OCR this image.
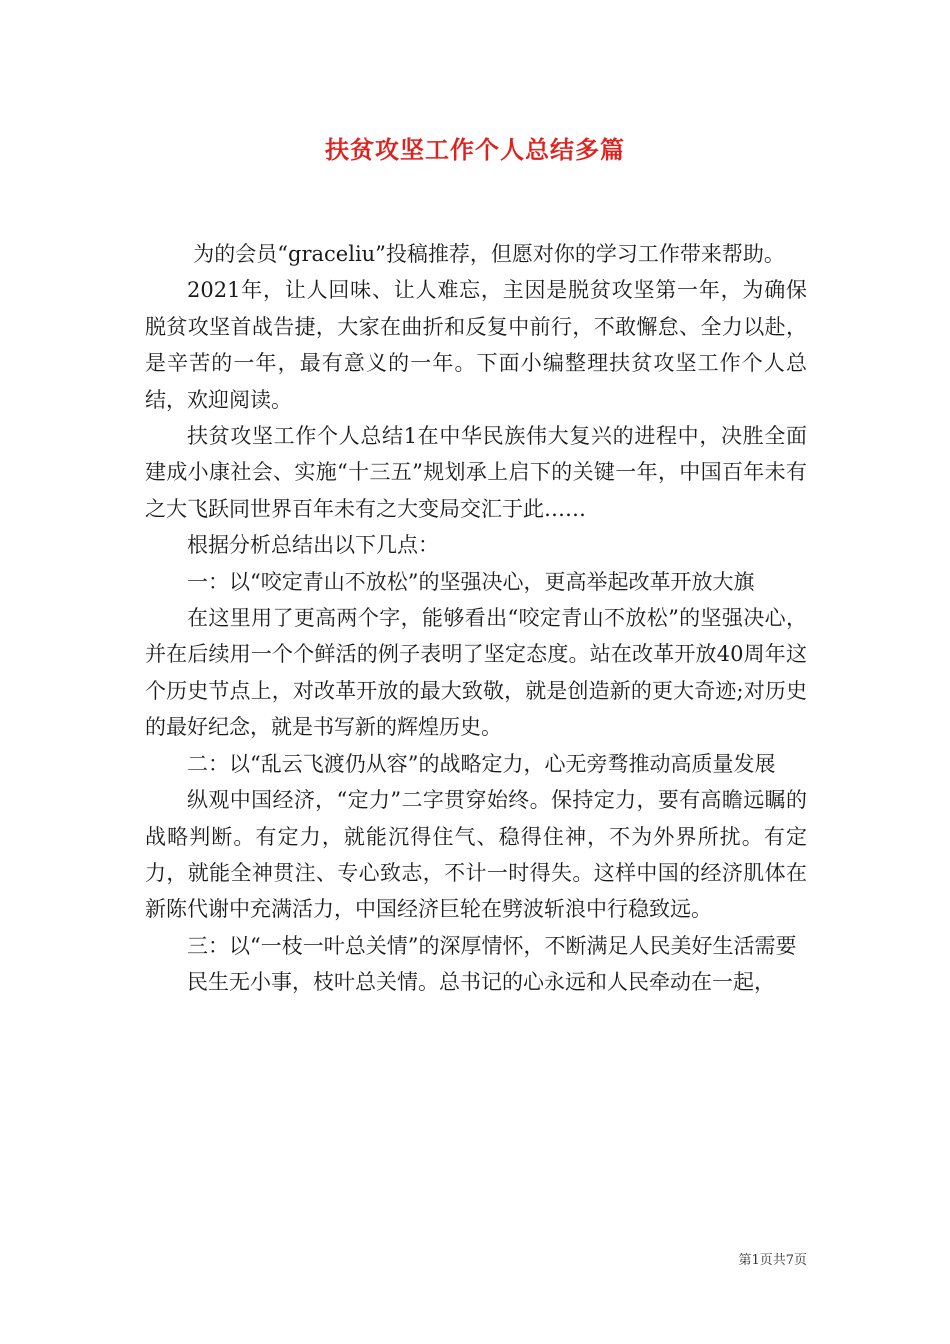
扶贫攻坚工作个人总结多篇

为的会员“graceliu”投稿推荐，但愿对你的学习工作带来帮助。

2021年，让人回味、让人难忘，主因是脱贫攻坚第一年，为确保脱贫攻坚首战告捷，大家在曲折和反复中前行，不敢懈怠、全力以赴，是辛苦的一年，最有意义的一年。下面小编整理扶贫攻坚工作个人总结，欢迎阅读。

扶贫攻坚工作个人总结1在中华民族伟大复兴的进程中，决胜全面建成小康社会、实施“十三五”规划承上启下的关键一年，中国百年未有之大飞跃同世界百年未有之大变局交汇于此……

根据分析总结出以下几点：

一：以“咬定青山不放松”的坚强决心，更高举起改革开放大旗

在这里用了更高两个字，能够看出“咬定青山不放松”的坚强决心，并在后续用一个个鲜活的例子表明了坚定态度。站在改革开放40周年这个历史节点上，对改革开放的最大致敬，就是创造新的更大奇迹;对历史的最好纪念，就是书写新的辉煌历史。

二：以“乱云飞渡仍从容”的战略定力，心无旁骛推动高质量发展

纵观中国经济，“定力”二字贯穿始终。保持定力，要有高瞻远瞩的战略判断。有定力，就能沉得住气、稳得住神，不为外界所扰。有定力，就能全神贯注、专心致志，不计一时得失。这样中国的经济肌体在新陈代谢中充满活力，中国经济巨轮在劈波斩浪中行稳致远。

三：以“一枝一叶总关情”的深厚情怀，不断满足人民美好生活需要

民生无小事，枝叶总关情。总书记的心永远和人民牵动在一起，

第1页共7页
